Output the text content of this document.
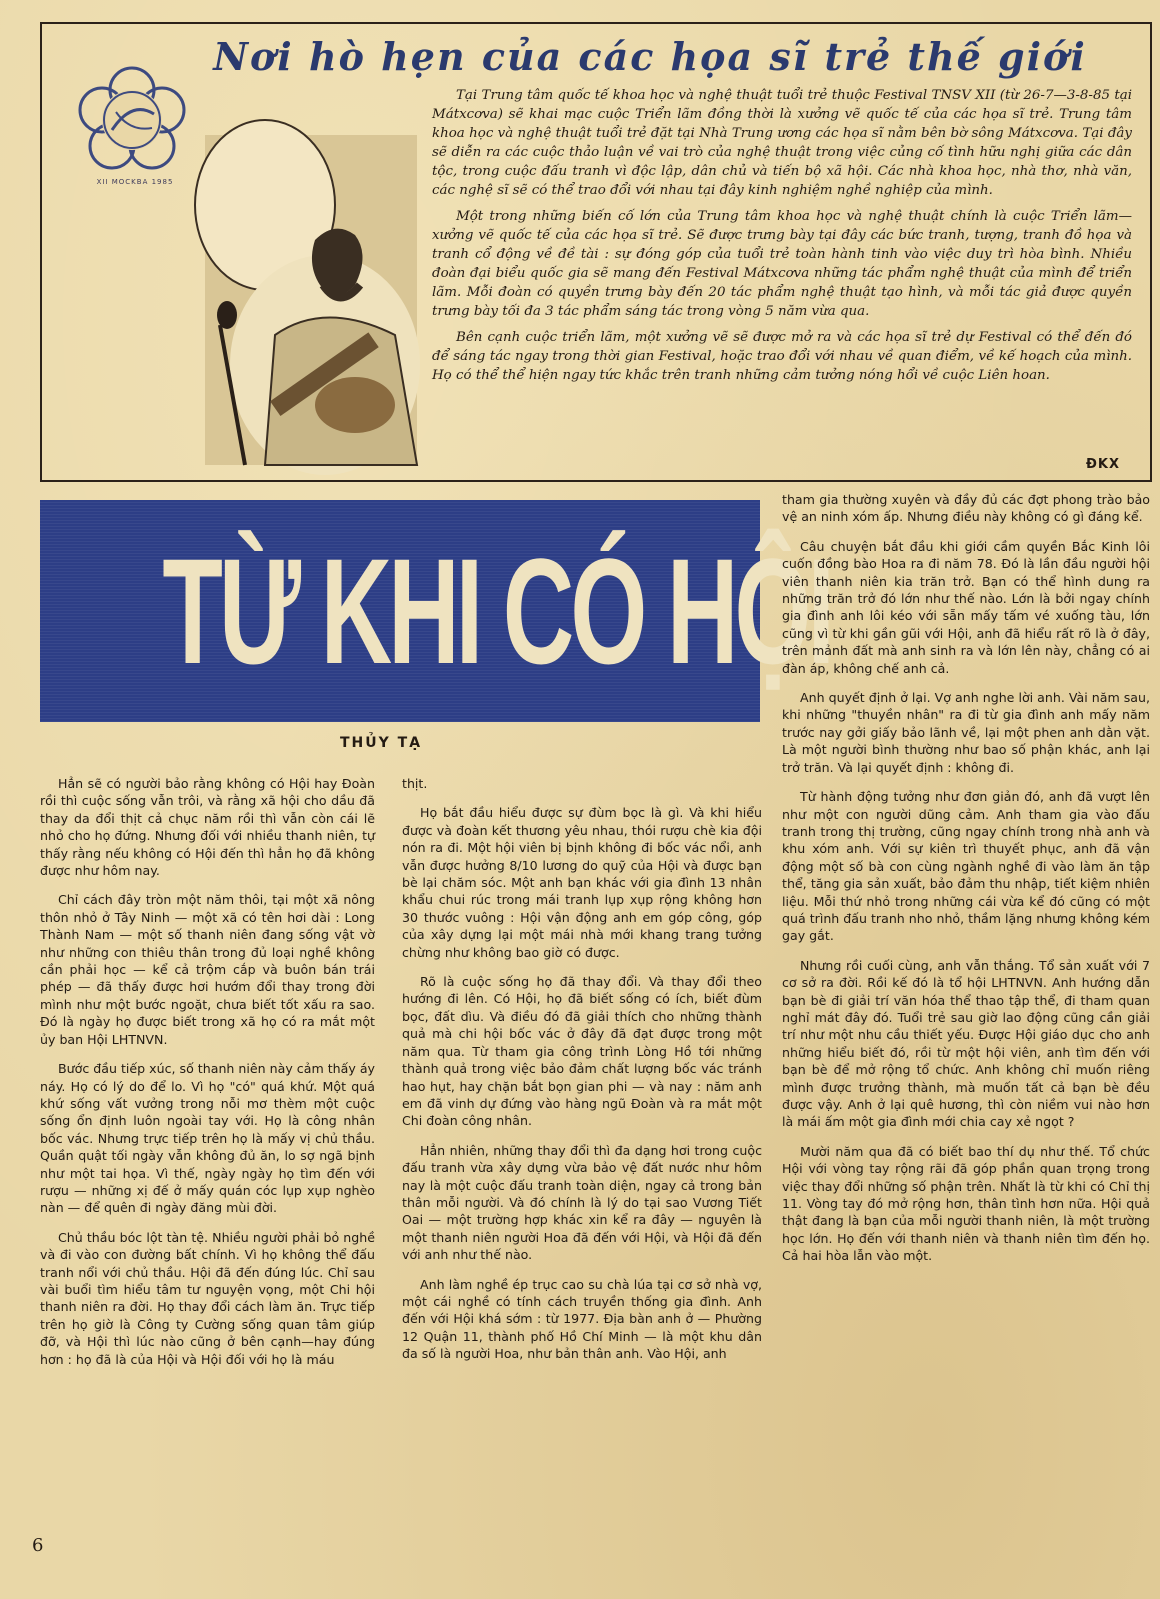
Nơi hò hẹn của các họa sĩ trẻ thế giới
XII MOCKBA 1985

Tại Trung tâm quốc tế khoa học và nghệ thuật tuổi trẻ thuộc Festival TNSV XII (từ 26-7—3-8-85 tại Mátxcơva) sẽ khai mạc cuộc Triển lãm đồng thời là xưởng vẽ quốc tế của các họa sĩ trẻ. Trung tâm khoa học và nghệ thuật tuổi trẻ đặt tại Nhà Trung ương các họa sĩ nằm bên bờ sông Mátxcơva. Tại đây sẽ diễn ra các cuộc thảo luận về vai trò của nghệ thuật trong việc củng cố tình hữu nghị giữa các dân tộc, trong cuộc đấu tranh vì độc lập, dân chủ và tiến bộ xã hội. Các nhà khoa học, nhà thơ, nhà văn, các nghệ sĩ sẽ có thể trao đổi với nhau tại đây kinh nghiệm nghề nghiệp của mình.

Một trong những biến cố lớn của Trung tâm khoa học và nghệ thuật chính là cuộc Triển lãm—xưởng vẽ quốc tế của các họa sĩ trẻ. Sẽ được trưng bày tại đây các bức tranh, tượng, tranh đồ họa và tranh cổ động về đề tài : sự đóng góp của tuổi trẻ toàn hành tinh vào việc duy trì hòa bình. Nhiều đoàn đại biểu quốc gia sẽ mang đến Festival Mátxcơva những tác phẩm nghệ thuật của mình để triển lãm. Mỗi đoàn có quyền trưng bày đến 20 tác phẩm nghệ thuật tạo hình, và mỗi tác giả được quyền trưng bày tối đa 3 tác phẩm sáng tác trong vòng 5 năm vừa qua.

Bên cạnh cuộc triển lãm, một xưởng vẽ sẽ được mở ra và các họa sĩ trẻ dự Festival có thể đến đó để sáng tác ngay trong thời gian Festival, hoặc trao đổi với nhau về quan điểm, về kế hoạch của mình. Họ có thể thể hiện ngay tức khắc trên tranh những cảm tưởng nóng hổi về cuộc Liên hoan.

ĐKX
TỪ KHI CÓ HỘI
THỦY TẠ

Hẳn sẽ có người bảo rằng không có Hội hay Đoàn rồi thì cuộc sống vẫn trôi, và rằng xã hội cho dầu đã thay da đổi thịt cả chục năm rồi thì vẫn còn cái lẽ nhỏ cho họ đứng. Nhưng đối với nhiều thanh niên, tự thấy rằng nếu không có Hội đến thì hẳn họ đã không được như hôm nay.

Chỉ cách đây tròn một năm thôi, tại một xã nông thôn nhỏ ở Tây Ninh — một xã có tên hơi dài : Long Thành Nam — một số thanh niên đang sống vật vờ như những con thiêu thân trong đủ loại nghề không cần phải học — kể cả trộm cắp và buôn bán trái phép — đã thấy được hơi hướm đổi thay trong đời mình như một bước ngoặt, chưa biết tốt xấu ra sao. Đó là ngày họ được biết trong xã họ có ra mắt một ủy ban Hội LHTNVN.

Bước đầu tiếp xúc, số thanh niên này cảm thấy áy náy. Họ có lý do để lo. Vì họ "có" quá khứ. Một quá khứ sống vất vưởng trong nỗi mơ thèm một cuộc sống ổn định luôn ngoài tay với. Họ là công nhân bốc vác. Nhưng trực tiếp trên họ là mấy vị chủ thầu. Quần quật tối ngày vẫn không đủ ăn, lo sợ ngã bịnh như một tai họa. Vì thế, ngày ngày họ tìm đến với rượu — những xị đế ở mấy quán cóc lụp xụp nghèo nàn — để quên đi ngày đăng mùi đời.

Chủ thầu bóc lột tàn tệ. Nhiều người phải bỏ nghề và đi vào con đường bất chính. Vì họ không thể đấu tranh nổi với chủ thầu. Hội đã đến đúng lúc. Chỉ sau vài buổi tìm hiểu tâm tư nguyện vọng, một Chi hội thanh niên ra đời. Họ thay đổi cách làm ăn. Trực tiếp trên họ giờ là Công ty Cường sống quan tâm giúp đỡ, và Hội thì lúc nào cũng ở bên cạnh—hay đúng hơn : họ đã là của Hội và Hội đối với họ là máu

thịt.

Họ bắt đầu hiểu được sự đùm bọc là gì. Và khi hiểu được và đoàn kết thương yêu nhau, thói rượu chè kia đội nón ra đi. Một hội viên bị bịnh không đi bốc vác nổi, anh vẫn được hưởng 8/10 lương do quỹ của Hội và được bạn bè lại chăm sóc. Một anh bạn khác với gia đình 13 nhân khẩu chui rúc trong mái tranh lụp xụp rộng không hơn 30 thước vuông : Hội vận động anh em góp công, góp của xây dựng lại một mái nhà mới khang trang tưởng chừng như không bao giờ có được.

Rõ là cuộc sống họ đã thay đổi. Và thay đổi theo hướng đi lên. Có Hội, họ đã biết sống có ích, biết đùm bọc, đất dìu. Và điều đó đã giải thích cho những thành quả mà chi hội bốc vác ở đây đã đạt được trong một năm qua. Từ tham gia công trình Lòng Hồ tới những thành quả trong việc bảo đảm chất lượng bốc vác tránh hao hụt, hay chặn bắt bọn gian phi — và nay : năm anh em đã vinh dự đứng vào hàng ngũ Đoàn và ra mắt một Chi đoàn công nhân.

Hẳn nhiên, những thay đổi thì đa dạng hơi trong cuộc đấu tranh vừa xây dựng vừa bảo vệ đất nước như hôm nay là một cuộc đấu tranh toàn diện, ngay cả trong bản thân mỗi người. Và đó chính là lý do tại sao Vương Tiết Oai — một trường hợp khác xin kể ra đây — nguyên là một thanh niên người Hoa đã đến với Hội, và Hội đã đến với anh như thế nào.

Anh làm nghề ép trục cao su chà lúa tại cơ sở nhà vợ, một cái nghề có tính cách truyền thống gia đình. Anh đến với Hội khá sớm : từ 1977. Địa bàn anh ở — Phường 12 Quận 11, thành phố Hồ Chí Minh — là một khu dân đa số là người Hoa, như bản thân anh. Vào Hội, anh

tham gia thường xuyên và đầy đủ các đợt phong trào bảo vệ an ninh xóm ấp. Nhưng điều này không có gì đáng kể.

Câu chuyện bắt đầu khi giới cầm quyền Bắc Kinh lôi cuốn đồng bào Hoa ra đi năm 78. Đó là lần đầu người hội viên thanh niên kia trăn trở. Bạn có thể hình dung ra những trăn trở đó lớn như thế nào. Lớn là bởi ngay chính gia đình anh lôi kéo với sẵn mấy tấm vé xuống tàu, lớn cũng vì từ khi gần gũi với Hội, anh đã hiểu rất rõ là ở đây, trên mảnh đất mà anh sinh ra và lớn lên này, chẳng có ai đàn áp, không chế anh cả.

Anh quyết định ở lại. Vợ anh nghe lời anh. Vài năm sau, khi những "thuyền nhân" ra đi từ gia đình anh mấy năm trước nay gởi giấy bảo lãnh về, lại một phen anh dằn vặt. Là một người bình thường như bao số phận khác, anh lại trở trăn. Và lại quyết định : không đi.

Từ hành động tưởng như đơn giản đó, anh đã vượt lên như một con người dũng cảm. Anh tham gia vào đấu tranh trong thị trường, cũng ngay chính trong nhà anh và khu xóm anh. Với sự kiên trì thuyết phục, anh đã vận động một số bà con cùng ngành nghề đi vào làm ăn tập thể, tăng gia sản xuất, bảo đảm thu nhập, tiết kiệm nhiên liệu. Mỗi thứ nhỏ trong những cái vừa kể đó cũng có một quá trình đấu tranh nho nhỏ, thầm lặng nhưng không kém gay gắt.

Nhưng rồi cuối cùng, anh vẫn thắng. Tổ sản xuất với 7 cơ sở ra đời. Rồi kế đó là tổ hội LHTNVN. Anh hướng dẫn bạn bè đi giải trí văn hóa thể thao tập thể, đi tham quan nghỉ mát đây đó. Tuổi trẻ sau giờ lao động cũng cần giải trí như một nhu cầu thiết yếu. Được Hội giáo dục cho anh những hiểu biết đó, rồi từ một hội viên, anh tìm đến với bạn bè để mở rộng tổ chức. Anh không chỉ muốn riêng mình được trưởng thành, mà muốn tất cả bạn bè đều được vậy. Anh ở lại quê hương, thì còn niềm vui nào hơn là mái ấm một gia đình mới chia cay xẻ ngọt ?

Mười năm qua đã có biết bao thí dụ như thế. Tổ chức Hội với vòng tay rộng rãi đã góp phần quan trọng trong việc thay đổi những số phận trên. Nhất là từ khi có Chỉ thị 11. Vòng tay đó mở rộng hơn, thân tình hơn nữa. Hội quả thật đang là bạn của mỗi người thanh niên, là một trường học lớn. Họ đến với thanh niên và thanh niên tìm đến họ. Cả hai hòa lẫn vào một.

6
